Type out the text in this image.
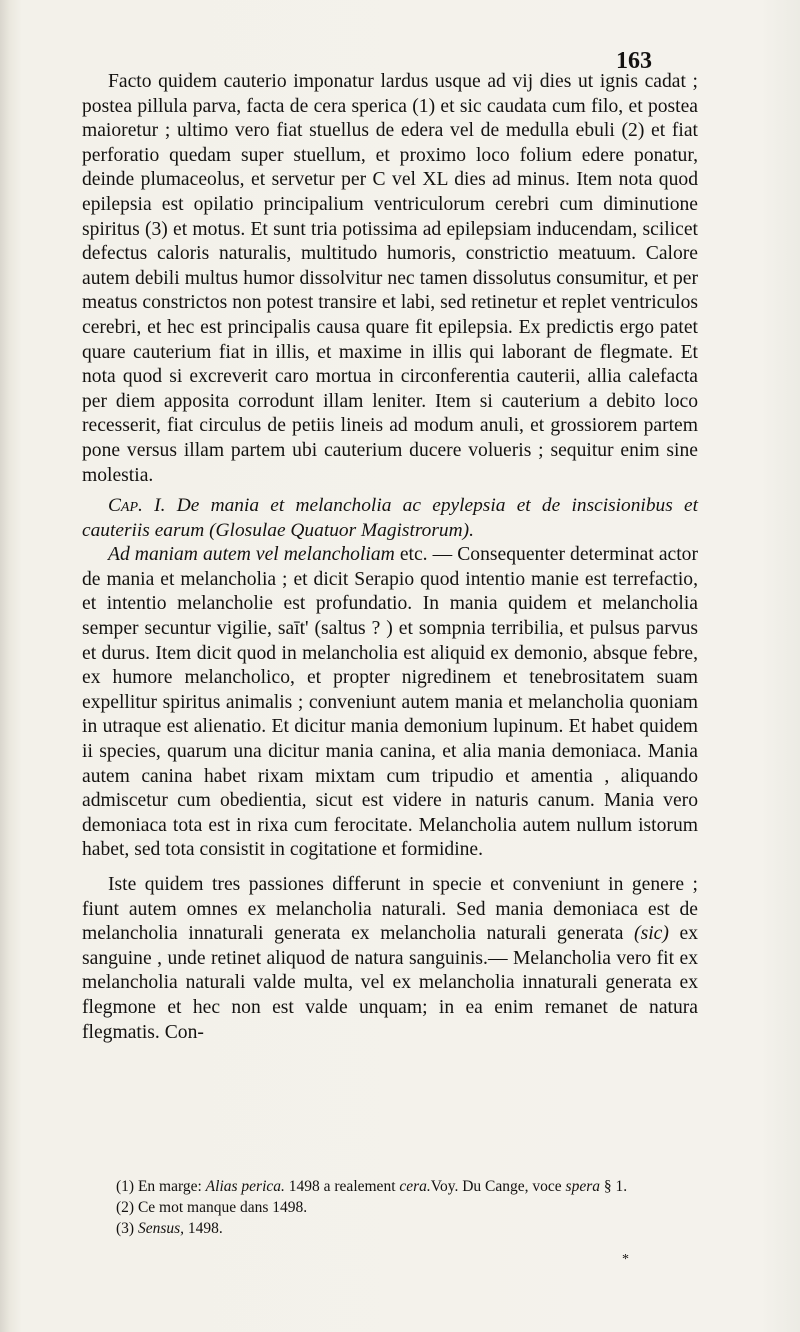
163

Facto quidem cauterio imponatur lardus usque ad vij dies ut ignis cadat ; postea pillula parva, facta de cera sperica (1) et sic caudata cum filo, et postea maioretur ; ultimo vero fiat stuellus de edera vel de medulla ebuli (2) et fiat perforatio quedam super stuellum, et proximo loco folium edere ponatur, deinde plumaceolus, et servetur per C vel XL dies ad minus. Item nota quod epilepsia est opilatio principalium ventriculorum cerebri cum diminutione spiritus (3) et motus. Et sunt tria potissima ad epilepsiam inducendam, scilicet defectus caloris naturalis, multitudo humoris, constrictio meatuum. Calore autem debili multus humor dissolvitur nec tamen dissolutus consumitur, et per meatus constrictos non potest transire et labi, sed retinetur et replet ventriculos cerebri, et hec est principalis causa quare fit epilepsia. Ex predictis ergo patet quare cauterium fiat in illis, et maxime in illis qui laborant de flegmate. Et nota quod si excreverit caro mortua in circonferentia cauterii, allia calefacta per diem apposita corrodunt illam leniter. Item si cauterium a debito loco recesserit, fiat circulus de petiis lineis ad modum anuli, et grossiorem partem pone versus illam partem ubi cauterium ducere volueris ; sequitur enim sine molestia.

Cap. I. De mania et melancholia ac epylepsia et de inscisionibus et cauteriis earum (Glosulae Quatuor Magistrorum).

Ad maniam autem vel melancholiam etc. — Consequenter determinat actor de mania et melancholia ; et dicit Serapio quod intentio manie est terrefactio, et intentio melancholie est profundatio. In mania quidem et melancholia semper secuntur vigilie, saīt' (saltus ? ) et sompnia terribilia, et pulsus parvus et durus. Item dicit quod in melancholia est aliquid ex demonio, absque febre, ex humore melancholico, et propter nigredinem et tenebrositatem suam expellitur spiritus animalis ; conveniunt autem mania et melancholia quoniam in utraque est alienatio. Et dicitur mania demonium lupinum. Et habet quidem ii species, quarum una dicitur mania canina, et alia mania demoniaca. Mania autem canina habet rixam mixtam cum tripudio et amentia , aliquando admiscetur cum obedientia, sicut est videre in naturis canum. Mania vero demoniaca tota est in rixa cum ferocitate. Melancholia autem nullum istorum habet, sed tota consistit in cogitatione et formidine.

Iste quidem tres passiones differunt in specie et conveniunt in genere ; fiunt autem omnes ex melancholia naturali. Sed mania demoniaca est de melancholia innaturali generata ex melancholia naturali generata (sic) ex sanguine , unde retinet aliquod de natura sanguinis.— Melancholia vero fit ex melancholia naturali valde multa, vel ex melancholia innaturali generata ex flegmone et hec non est valde unquam; in ea enim remanet de natura flegmatis. Con-

(1) En marge: Alias perica. 1498 a realement cera.Voy. Du Cange, voce spera § 1.

(2) Ce mot manque dans 1498.

(3) Sensus, 1498.

*
